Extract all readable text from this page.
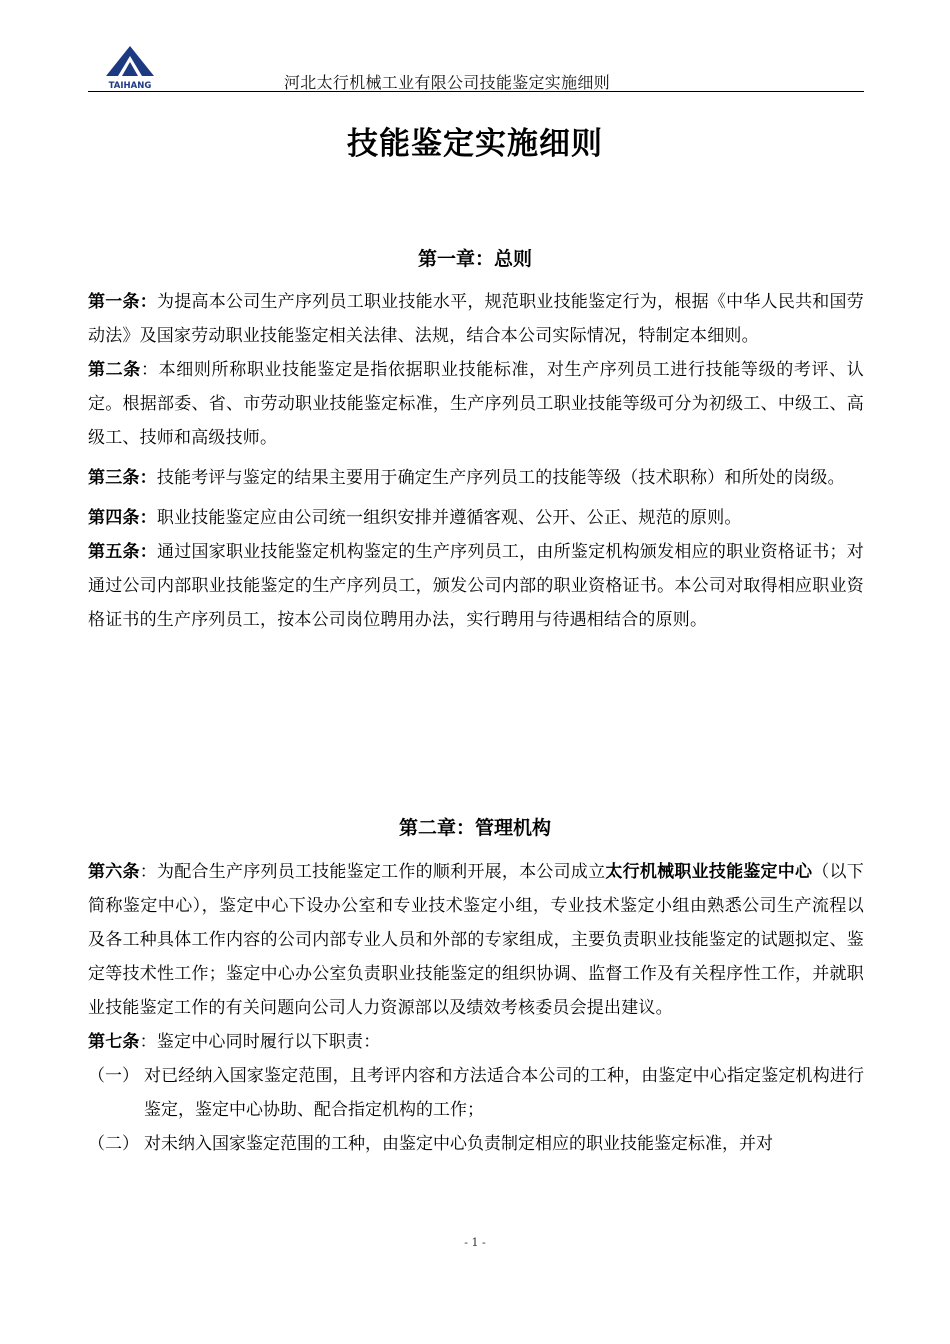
TAIHANG	河北太行机械工业有限公司技能鉴定实施细则
技能鉴定实施细则
第一章：总则

第一条：为提高本公司生产序列员工职业技能水平，规范职业技能鉴定行为，根据《中华人民共和国劳动法》及国家劳动职业技能鉴定相关法律、法规，结合本公司实际情况，特制定本细则。

第二条：本细则所称职业技能鉴定是指依据职业技能标准，对生产序列员工进行技能等级的考评、认定。根据部委、省、市劳动职业技能鉴定标准，生产序列员工职业技能等级可分为初级工、中级工、高级工、技师和高级技师。

第三条：技能考评与鉴定的结果主要用于确定生产序列员工的技能等级（技术职称）和所处的岗级。

第四条：职业技能鉴定应由公司统一组织安排并遵循客观、公开、公正、规范的原则。

第五条：通过国家职业技能鉴定机构鉴定的生产序列员工，由所鉴定机构颁发相应的职业资格证书；对通过公司内部职业技能鉴定的生产序列员工，颁发公司内部的职业资格证书。本公司对取得相应职业资格证书的生产序列员工，按本公司岗位聘用办法，实行聘用与待遇相结合的原则。

第二章：管理机构

第六条：为配合生产序列员工技能鉴定工作的顺利开展，本公司成立太行机械职业技能鉴定中心（以下简称鉴定中心），鉴定中心下设办公室和专业技术鉴定小组，专业技术鉴定小组由熟悉公司生产流程以及各工种具体工作内容的公司内部专业人员和外部的专家组成，主要负责职业技能鉴定的试题拟定、鉴定等技术性工作；鉴定中心办公室负责职业技能鉴定的组织协调、监督工作及有关程序性工作，并就职业技能鉴定工作的有关问题向公司人力资源部以及绩效考核委员会提出建议。

第七条：鉴定中心同时履行以下职责：

（一） 对已经纳入国家鉴定范围，且考评内容和方法适合本公司的工种，由鉴定中心指定鉴定机构进行鉴定，鉴定中心协助、配合指定机构的工作；
（二） 对未纳入国家鉴定范围的工种，由鉴定中心负责制定相应的职业技能鉴定标准，并对
- 1 -
